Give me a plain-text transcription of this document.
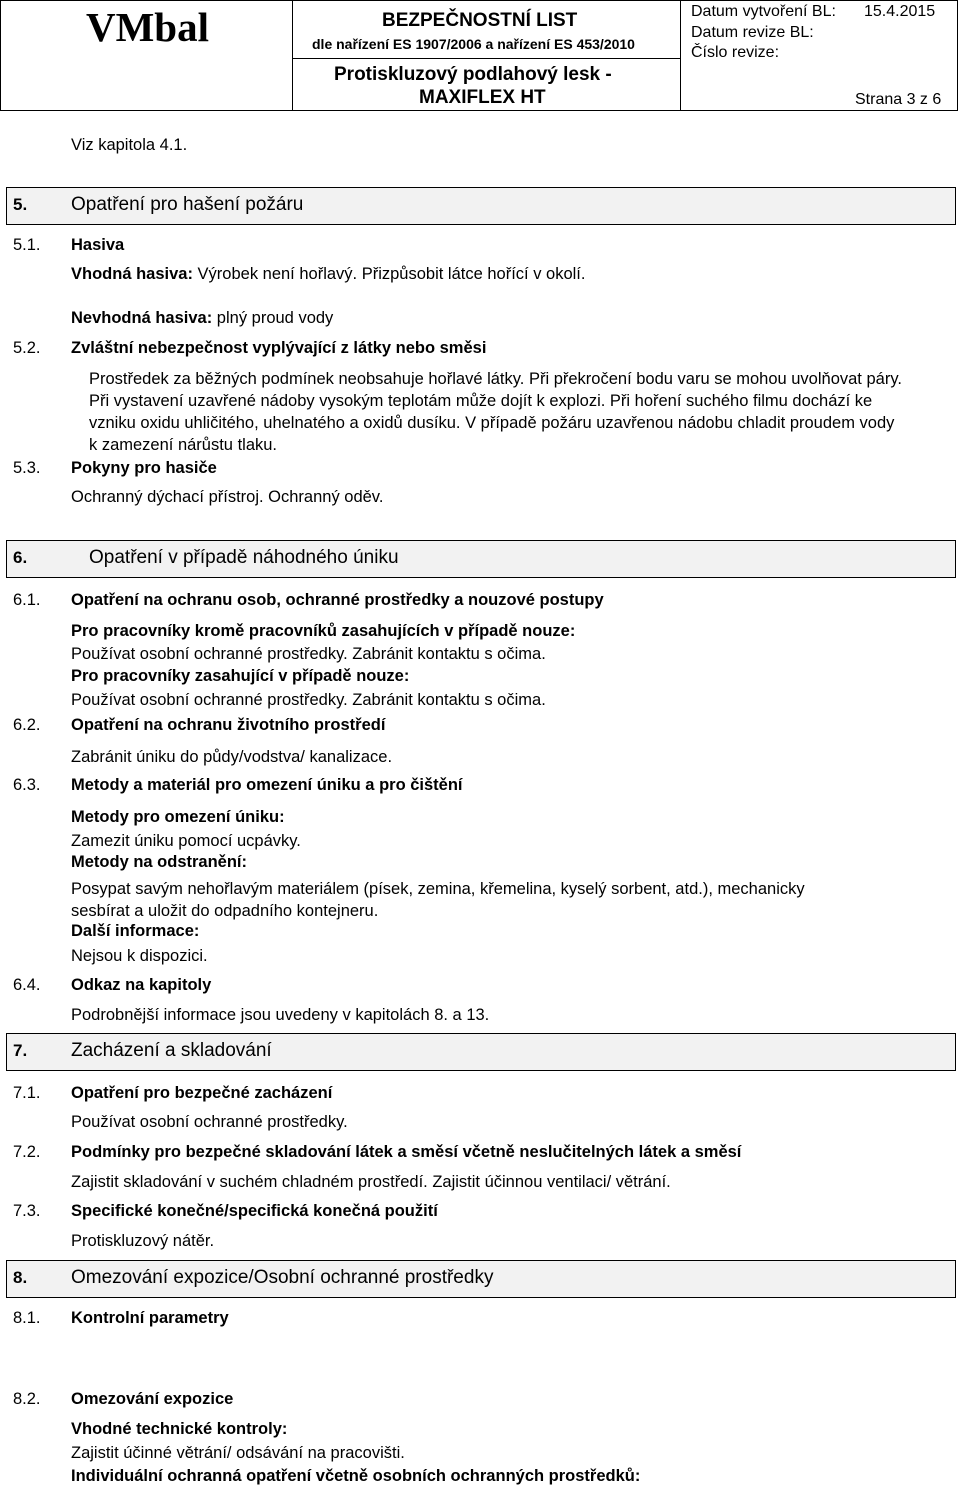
VMbal	BEZPEČNOSTNÍ LIST
dle nařízení ES 1907/2006 a nařízení ES 453/2010
Protiskluzový podlahový lesk -
MAXIFLEX HT
Datum vytvoření BL: 15.4.2015
Datum revize BL:
Číslo revize:
Strana 3 z 6
Viz kapitola 4.1.
5. Opatření pro hašení požáru
5.1. Hasiva
Vhodná hasiva: Výrobek není hořlavý. Přizpůsobit látce hořící v okolí.
Nevhodná hasiva: plný proud vody
5.2. Zvláštní nebezpečnost vyplývající z látky nebo směsi
Prostředek za běžných podmínek neobsahuje hořlavé látky. Při překročení bodu varu se mohou uvolňovat páry. Při vystavení uzavřené nádoby vysokým teplotám může dojít k explozi. Při hoření suchého filmu dochází ke vzniku oxidu uhličitého, uhelnatého a oxidů dusíku. V případě požáru uzavřenou nádobu chladit proudem vody k zamezení nárůstu tlaku.
5.3. Pokyny pro hasiče
Ochranný dýchací přístroj. Ochranný oděv.
6.	Opatření v případě náhodného úniku
6.1. Opatření na ochranu osob, ochranné prostředky a nouzové postupy
Pro pracovníky kromě pracovníků zasahujících v případě nouze:
Používat osobní ochranné prostředky. Zabránit kontaktu s očima.
Pro pracovníky zasahující v případě nouze:
Používat osobní ochranné prostředky. Zabránit kontaktu s očima.
6.2. Opatření na ochranu životního prostředí
Zabránit úniku do půdy/vodstva/ kanalizace.
6.3. Metody a materiál pro omezení úniku a pro čištění
Metody pro omezení úniku:
Zamezit úniku pomocí ucpávky.
Metody na odstranění:
Posypat savým nehořlavým materiálem (písek, zemina, křemelina, kyselý sorbent, atd.), mechanicky
sesbírat a uložit do odpadního kontejneru.
Další informace:
Nejsou k dispozici.
6.4. Odkaz na kapitoly
Podrobnější informace jsou uvedeny v kapitolách 8. a 13.
7. Zacházení a skladování
7.1. Opatření pro bezpečné zacházení
Používat osobní ochranné prostředky.
7.2. Podmínky pro bezpečné skladování látek a směsí včetně neslučitelných látek a směsí
Zajistit skladování v suchém chladném prostředí. Zajistit účinnou ventilaci/ větrání.
7.3. Specifické konečné/specifická konečná použití
Protiskluzový nátěr.
8. Omezování expozice/Osobní ochranné prostředky
8.1. Kontrolní parametry
8.2. Omezování expozice
Vhodné technické kontroly:
Zajistit účinné větrání/ odsávání na pracovišti.
Individuální ochranná opatření včetně osobních ochranných prostředků:
